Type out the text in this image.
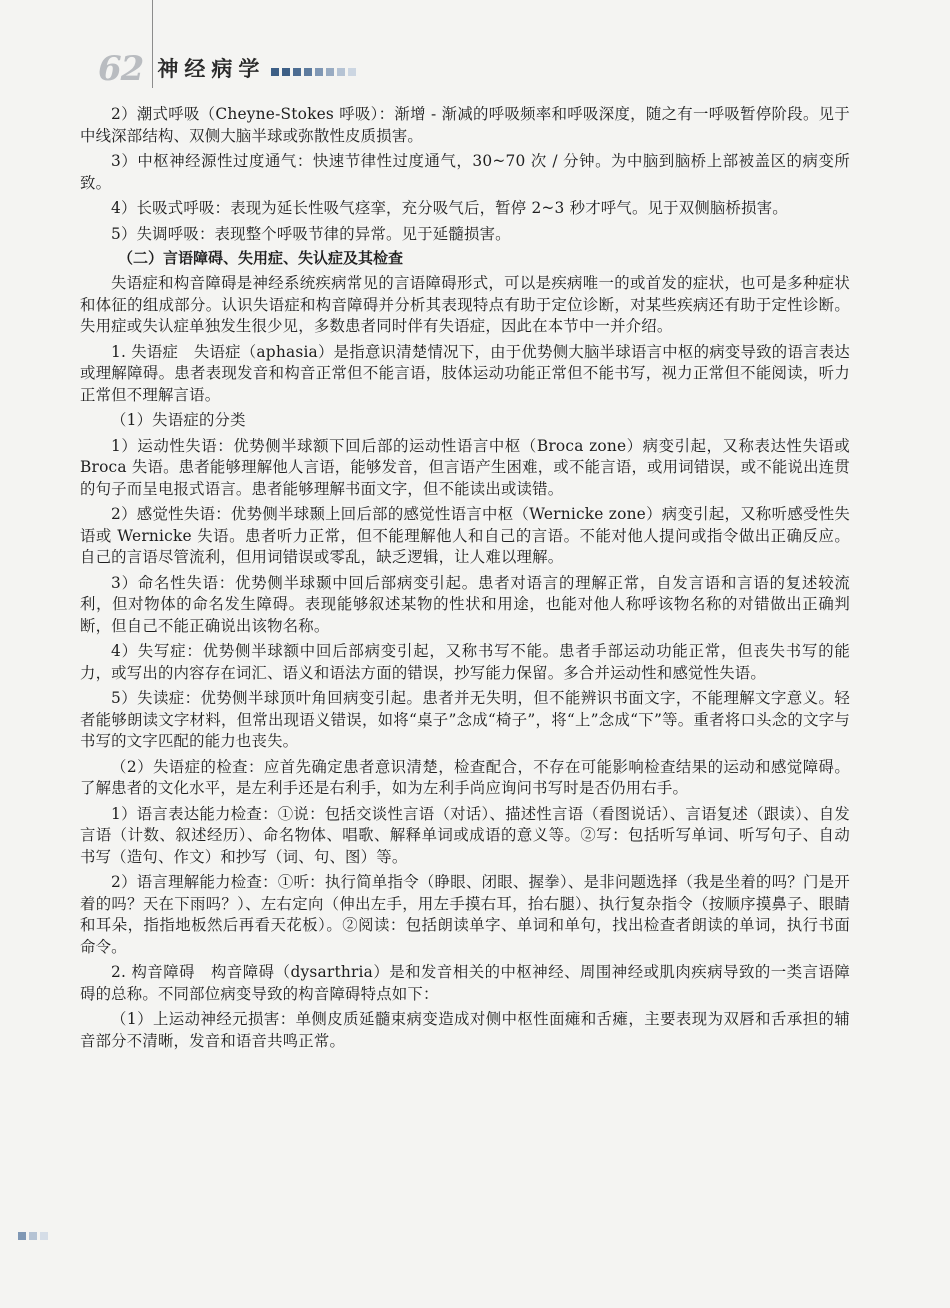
62 神经病学

2）潮式呼吸（Cheyne-Stokes 呼吸）：渐增 - 渐减的呼吸频率和呼吸深度，随之有一呼吸暂停阶段。见于中线深部结构、双侧大脑半球或弥散性皮质损害。

3）中枢神经源性过度通气：快速节律性过度通气，30~70 次 / 分钟。为中脑到脑桥上部被盖区的病变所致。

4）长吸式呼吸：表现为延长性吸气痉挛，充分吸气后，暂停 2~3 秒才呼气。见于双侧脑桥损害。

5）失调呼吸：表现整个呼吸节律的异常。见于延髓损害。

（二）言语障碍、失用症、失认症及其检查

失语症和构音障碍是神经系统疾病常见的言语障碍形式，可以是疾病唯一的或首发的症状，也可是多种症状和体征的组成部分。认识失语症和构音障碍并分析其表现特点有助于定位诊断，对某些疾病还有助于定性诊断。失用症或失认症单独发生很少见，多数患者同时伴有失语症，因此在本节中一并介绍。

1. 失语症　失语症（aphasia）是指意识清楚情况下，由于优势侧大脑半球语言中枢的病变导致的语言表达或理解障碍。患者表现发音和构音正常但不能言语，肢体运动功能正常但不能书写，视力正常但不能阅读，听力正常但不理解言语。

（1）失语症的分类

1）运动性失语：优势侧半球额下回后部的运动性语言中枢（Broca zone）病变引起，又称表达性失语或 Broca 失语。患者能够理解他人言语，能够发音，但言语产生困难，或不能言语，或用词错误，或不能说出连贯的句子而呈电报式语言。患者能够理解书面文字，但不能读出或读错。

2）感觉性失语：优势侧半球颞上回后部的感觉性语言中枢（Wernicke zone）病变引起，又称听感受性失语或 Wernicke 失语。患者听力正常，但不能理解他人和自己的言语。不能对他人提问或指令做出正确反应。自己的言语尽管流利，但用词错误或零乱，缺乏逻辑，让人难以理解。

3）命名性失语：优势侧半球颞中回后部病变引起。患者对语言的理解正常，自发言语和言语的复述较流利，但对物体的命名发生障碍。表现能够叙述某物的性状和用途，也能对他人称呼该物名称的对错做出正确判断，但自己不能正确说出该物名称。

4）失写症：优势侧半球额中回后部病变引起，又称书写不能。患者手部运动功能正常，但丧失书写的能力，或写出的内容存在词汇、语义和语法方面的错误，抄写能力保留。多合并运动性和感觉性失语。

5）失读症：优势侧半球顶叶角回病变引起。患者并无失明，但不能辨识书面文字，不能理解文字意义。轻者能够朗读文字材料，但常出现语义错误，如将“桌子”念成“椅子”，将“上”念成“下”等。重者将口头念的文字与书写的文字匹配的能力也丧失。

（2）失语症的检查：应首先确定患者意识清楚，检查配合，不存在可能影响检查结果的运动和感觉障碍。了解患者的文化水平，是左利手还是右利手，如为左利手尚应询问书写时是否仍用右手。

1）语言表达能力检查：①说：包括交谈性言语（对话）、描述性言语（看图说话）、言语复述（跟读）、自发言语（计数、叙述经历）、命名物体、唱歌、解释单词或成语的意义等。②写：包括听写单词、听写句子、自动书写（造句、作文）和抄写（词、句、图）等。

2）语言理解能力检查：①听：执行简单指令（睁眼、闭眼、握拳）、是非问题选择（我是坐着的吗？门是开着的吗？天在下雨吗？）、左右定向（伸出左手，用左手摸右耳，抬右腿）、执行复杂指令（按顺序摸鼻子、眼睛和耳朵，指指地板然后再看天花板）。②阅读：包括朗读单字、单词和单句，找出检查者朗读的单词，执行书面命令。

2. 构音障碍　构音障碍（dysarthria）是和发音相关的中枢神经、周围神经或肌肉疾病导致的一类言语障碍的总称。不同部位病变导致的构音障碍特点如下：

（1）上运动神经元损害：单侧皮质延髓束病变造成对侧中枢性面瘫和舌瘫，主要表现为双唇和舌承担的辅音部分不清晰，发音和语音共鸣正常。
